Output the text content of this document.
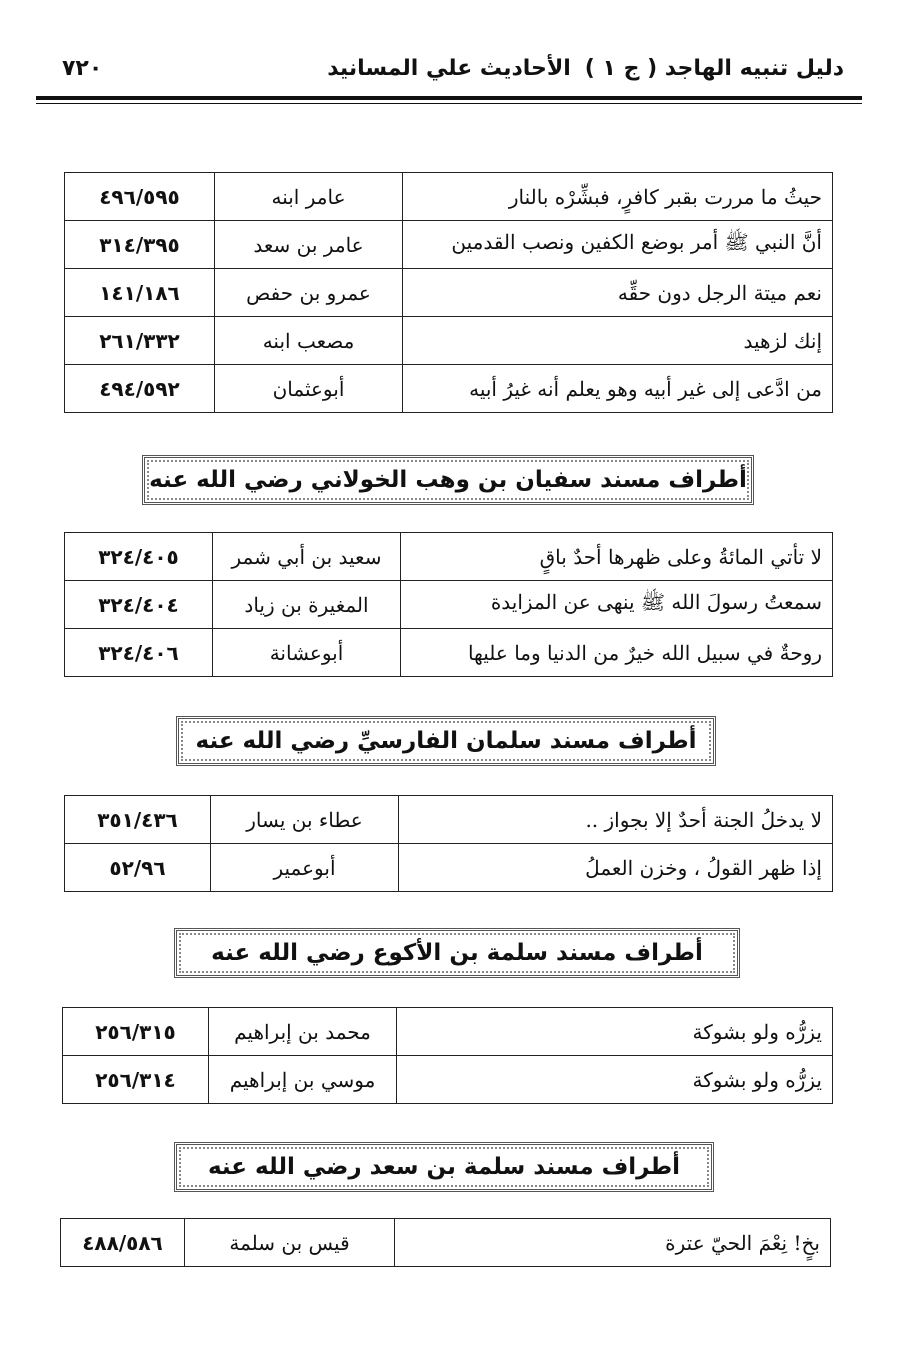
دليل تنبيه الهاجد ( ج ١ )
الأحاديث علي المسانيد
٧٢٠
حيثُ ما مررت بقبر كافرٍ، فبشِّرْه بالنار	عامر ابنه	٤٩٦/٥٩٥
أنَّ النبي ﷺ أمر بوضع الكفين ونصب القدمين	عامر بن سعد	٣١٤/٣٩٥
نعم ميتة الرجل دون حقِّه	عمرو بن حفص	١٤١/١٨٦
إنك لزهيد	مصعب ابنه	٢٦١/٣٣٢
من ادَّعى إلى غير أبيه وهو يعلم أنه غيرُ أبيه	أبوعثمان	٤٩٤/٥٩٢
أطراف مسند سفيان بن وهب الخولاني رضي الله عنه
لا تأتي المائةُ وعلى ظهرها أحدٌ باقٍ	سعيد بن أبي شمر	٣٢٤/٤٠٥
سمعتُ رسولَ الله ﷺ ينهى عن المزايدة	المغيرة بن زياد	٣٢٤/٤٠٤
روحةٌ في سبيل الله خيرٌ من الدنيا وما عليها	أبوعشانة	٣٢٤/٤٠٦
أطراف مسند سلمان الفارسيِّ رضي الله عنه
لا يدخلُ الجنة أحدٌ إلا بجواز ..	عطاء بن يسار	٣٥١/٤٣٦
إذا ظهر القولُ ، وخزن العملُ	أبوعمير	٥٢/٩٦
أطراف مسند سلمة بن الأكوع رضي الله عنه
يزرُّه ولو بشوكة	محمد بن إبراهيم	٢٥٦/٣١٥
يزرُّه ولو بشوكة	موسي بن إبراهيم	٢٥٦/٣١٤
أطراف مسند سلمة بن سعد رضي الله عنه
بخٍ! نِعْمَ الحيّ عترة	قيس بن سلمة	٤٨٨/٥٨٦
